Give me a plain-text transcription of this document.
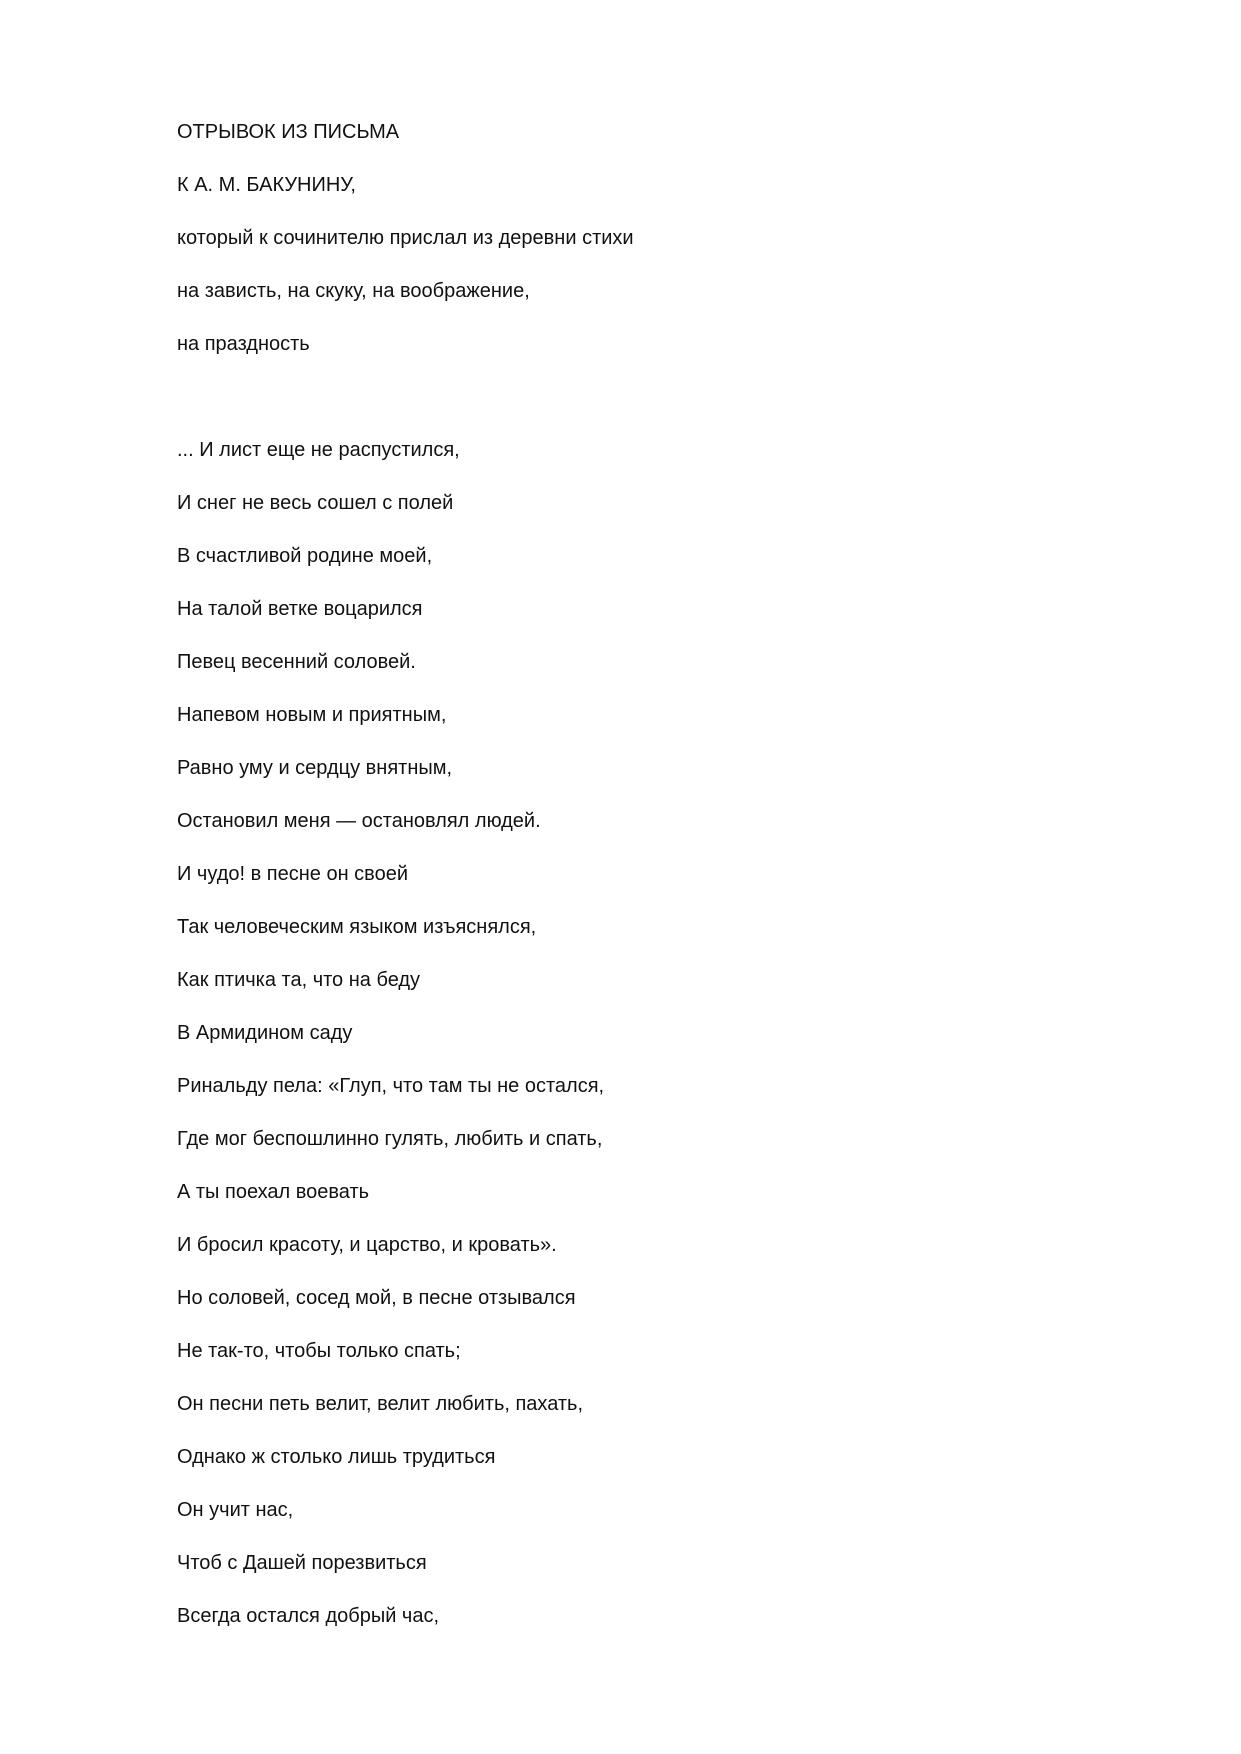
ОТРЫВОК ИЗ ПИСЬМА
К А. М. БАКУНИНУ,
который к сочинителю прислал из деревни стихи
на зависть, на скуку, на воображение,
на праздность
... И лист еще не распустился,
И снег не весь сошел с полей
В счастливой родине моей,
На талой ветке воцарился
Певец весенний соловей.
Напевом новым и приятным,
Равно уму и сердцу внятным,
Остановил меня — остановлял людей.
И чудо! в песне он своей
Так человеческим языком изъяснялся,
Как птичка та, что на беду
В Армидином саду
Ринальду пела: «Глуп, что там ты не остался,
Где мог беспошлинно гулять, любить и спать,
А ты поехал воевать
И бросил красоту, и царство, и кровать».
Но соловей, сосед мой, в песне отзывался
Не так-то, чтобы только спать;
Он песни петь велит, велит любить, пахать,
Однако ж столько лишь трудиться
Он учит нас,
Чтоб с Дашей порезвиться
Всегда остался добрый час,
